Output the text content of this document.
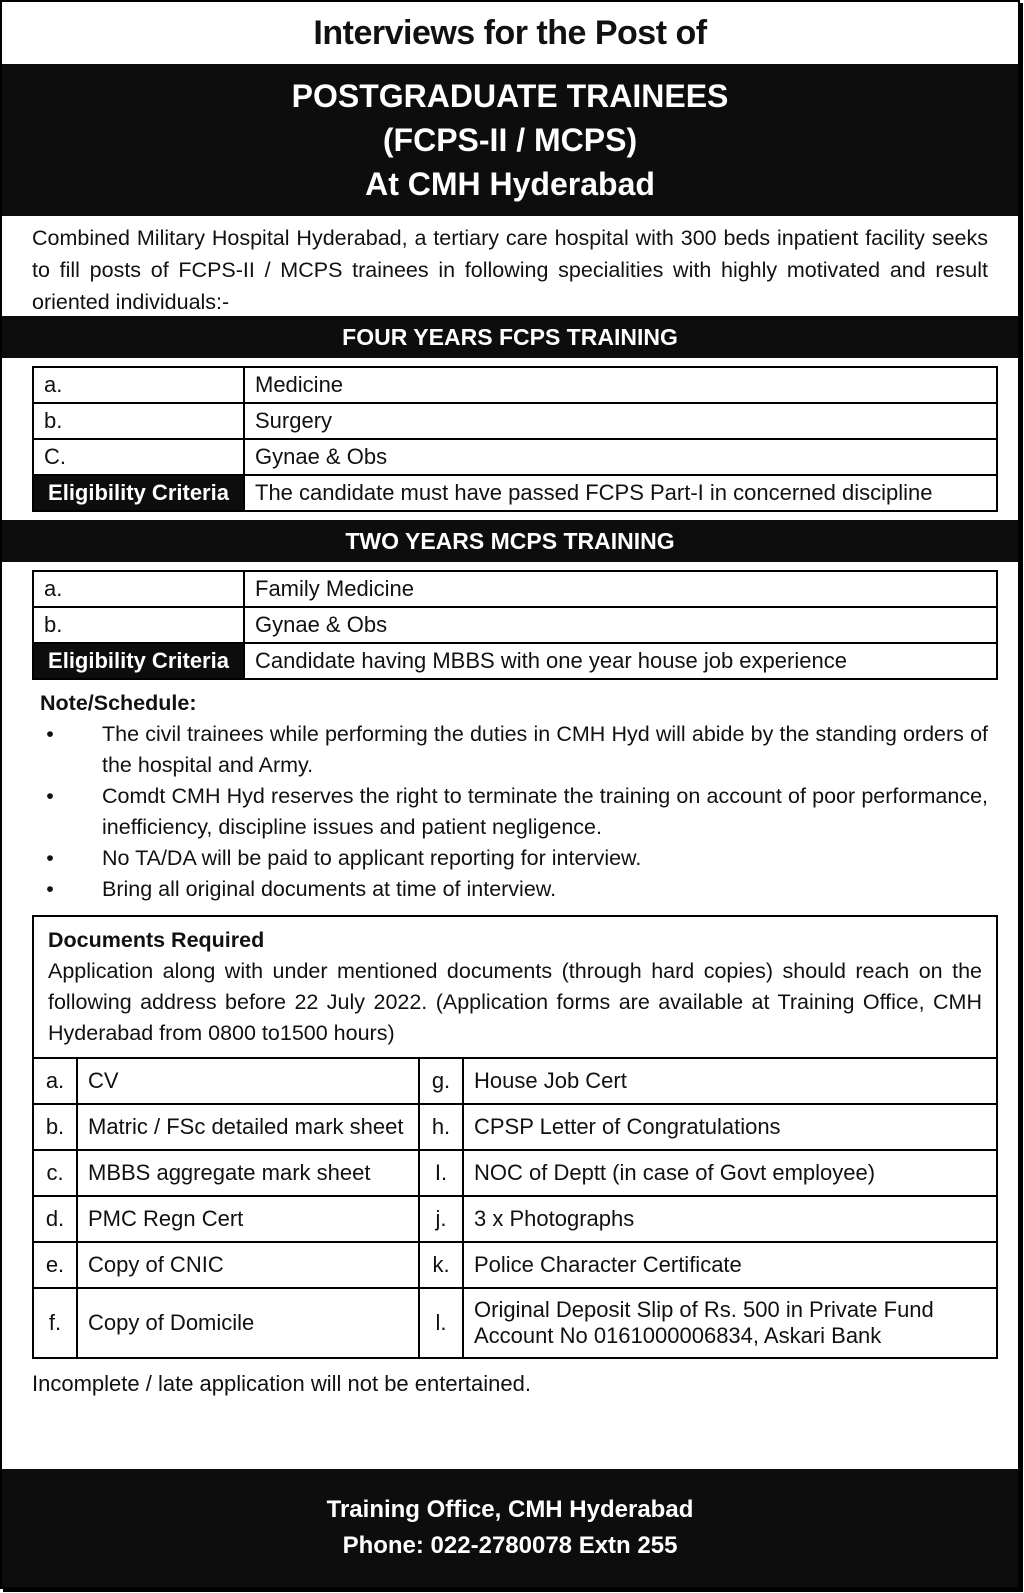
Interviews for the Post of
POSTGRADUATE TRAINEES
(FCPS-II / MCPS)
At CMH Hyderabad
Combined Military Hospital Hyderabad, a tertiary care hospital with 300 beds inpatient facility seeks to fill posts of FCPS-II / MCPS trainees in following specialities with highly motivated and result oriented individuals:-
FOUR YEARS FCPS TRAINING
a.	Medicine
b.	Surgery
C.	Gynae & Obs
Eligibility Criteria	The candidate must have passed FCPS Part-I in concerned discipline
TWO YEARS MCPS TRAINING
a.	Family Medicine
b.	Gynae & Obs
Eligibility Criteria	Candidate having MBBS with one year house job experience
Note/Schedule:
• The civil trainees while performing the duties in CMH Hyd will abide by the standing orders of the hospital and Army.
• Comdt CMH Hyd reserves the right to terminate the training on account of poor performance, inefficiency, discipline issues and patient negligence.
• No TA/DA will be paid to applicant reporting for interview.
• Bring all original documents at time of interview.
Documents Required
Application along with under mentioned documents (through hard copies) should reach on the following address before 22 July 2022. (Application forms are available at Training Office, CMH Hyderabad from 0800 to1500 hours)
a.	CV	g.	House Job Cert
b.	Matric / FSc detailed mark sheet	h.	CPSP Letter of Congratulations
c.	MBBS aggregate mark sheet	I.	NOC of Deptt (in case of Govt employee)
d.	PMC Regn Cert	j.	3 x Photographs
e.	Copy of CNIC	k.	Police Character Certificate
f.	Copy of Domicile	l.	Original Deposit Slip of Rs. 500 in Private Fund Account No 0161000006834, Askari Bank
Incomplete / late application will not be entertained.
Training Office, CMH Hyderabad
Phone: 022-2780078 Extn 255
